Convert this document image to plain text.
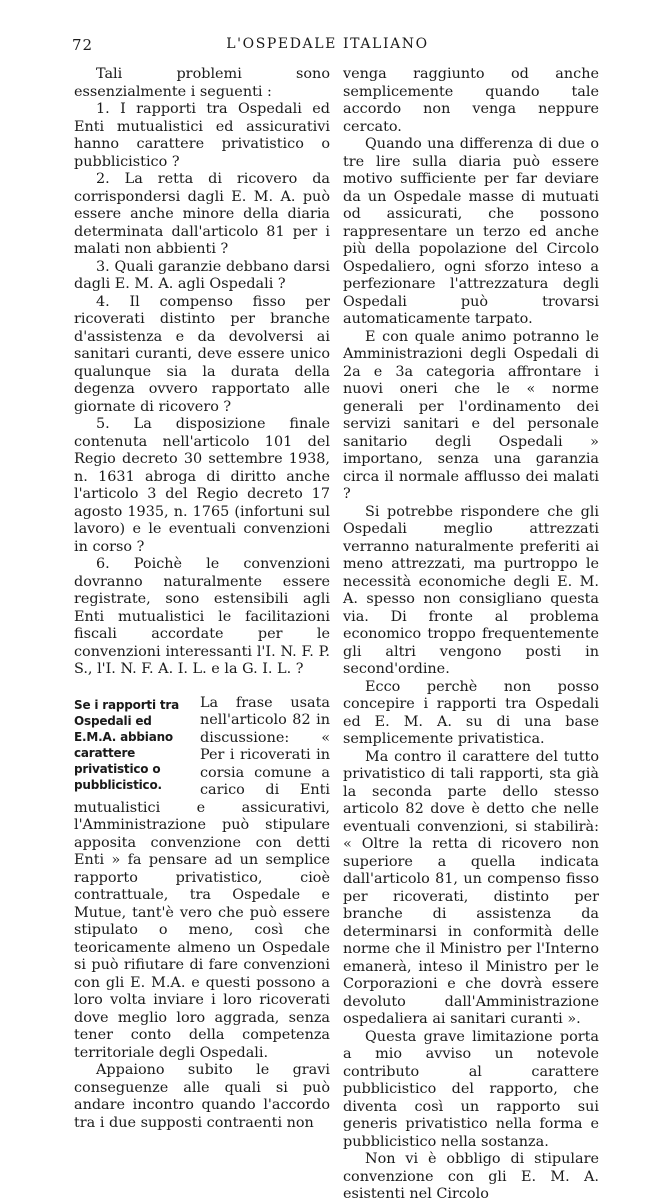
72	L'OSPEDALE ITALIANO

Tali problemi sono essenzialmente i seguenti :

1. I rapporti tra Ospedali ed Enti mutualistici ed assicurativi hanno carattere privatistico o pubblicistico ?

2. La retta di ricovero da corrispondersi dagli E. M. A. può essere anche minore della diaria determinata dall'articolo 81 per i malati non abbienti ?

3. Quali garanzie debbano darsi dagli E. M. A. agli Ospedali ?

4. Il compenso fisso per ricoverati distinto per branche d'assistenza e da devolversi ai sanitari curanti, deve essere unico qualunque sia la durata della degenza ovvero rapportato alle giornate di ricovero ?

5. La disposizione finale contenuta nell'articolo 101 del Regio decreto 30 settembre 1938, n. 1631 abroga di diritto anche l'articolo 3 del Regio decreto 17 agosto 1935, n. 1765 (infortuni sul lavoro) e le eventuali convenzioni in corso ?

6. Poichè le convenzioni dovranno naturalmente essere registrate, sono estensibili agli Enti mutualistici le facilitazioni fiscali accordate per le convenzioni interessanti l'I. N. F. P. S., l'I. N. F. A. I. L. e la G. I. L. ?

Se i rapporti tra Ospedali ed E.M.A. abbiano carattere privatistico o pubblicistico.

La frase usata nell'articolo 82 in discussione: « Per i ricoverati in corsia comune a carico di Enti mutualistici e assicurativi, l'Amministrazione può stipulare apposita convenzione con detti Enti » fa pensare ad un semplice rapporto privatistico, cioè contrattuale, tra Ospedale e Mutue, tant'è vero che può essere stipulato o meno, così che teoricamente almeno un Ospedale si può rifiutare di fare convenzioni con gli E. M.A. e questi possono a loro volta inviare i loro ricoverati dove meglio loro aggrada, senza tener conto della competenza territoriale degli Ospedali.

Appaiono subito le gravi conseguenze alle quali si può andare incontro quando l'accordo tra i due supposti contraenti non

venga raggiunto od anche semplicemente quando tale accordo non venga neppure cercato.

Quando una differenza di due o tre lire sulla diaria può essere motivo sufficiente per far deviare da un Ospedale masse di mutuati od assicurati, che possono rappresentare un terzo ed anche più della popolazione del Circolo Ospedaliero, ogni sforzo inteso a perfezionare l'attrezzatura degli Ospedali può trovarsi automaticamente tarpato.

E con quale animo potranno le Amministrazioni degli Ospedali di 2a e 3a categoria affrontare i nuovi oneri che le « norme generali per l'ordinamento dei servizi sanitari e del personale sanitario degli Ospedali » importano, senza una garanzia circa il normale afflusso dei malati ?

Si potrebbe rispondere che gli Ospedali meglio attrezzati verranno naturalmente preferiti ai meno attrezzati, ma purtroppo le necessità economiche degli E. M. A. spesso non consigliano questa via. Di fronte al problema economico troppo frequentemente gli altri vengono posti in second'ordine.

Ecco perchè non posso concepire i rapporti tra Ospedali ed E. M. A. su di una base semplicemente privatistica.

Ma contro il carattere del tutto privatistico di tali rapporti, sta già la seconda parte dello stesso articolo 82 dove è detto che nelle eventuali convenzioni, si stabilirà: « Oltre la retta di ricovero non superiore a quella indicata dall'articolo 81, un compenso fisso per ricoverati, distinto per branche di assistenza da determinarsi in conformità delle norme che il Ministro per l'Interno emanerà, inteso il Ministro per le Corporazioni e che dovrà essere devoluto dall'Amministrazione ospedaliera ai sanitari curanti ».

Questa grave limitazione porta a mio avviso un notevole contributo al carattere pubblicistico del rapporto, che diventa così un rapporto sui generis privatistico nella forma e pubblicistico nella sostanza.

Non vi è obbligo di stipulare convenzione con gli E. M. A. esistenti nel Circolo
